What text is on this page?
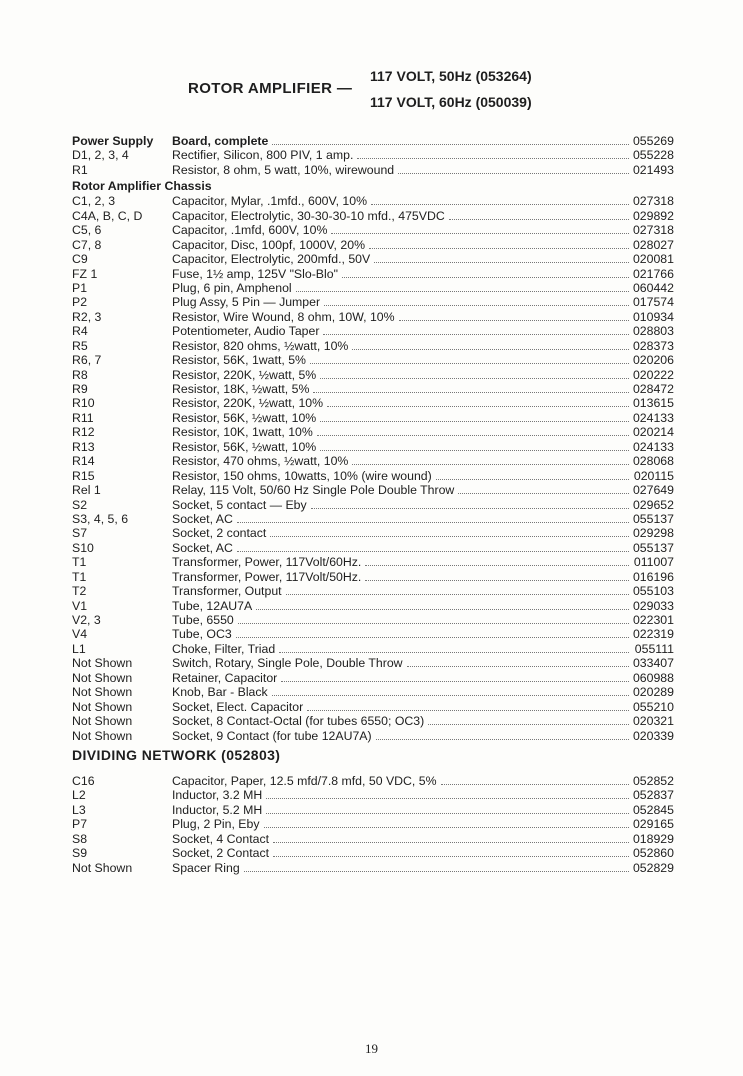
ROTOR AMPLIFIER —
117 VOLT, 50Hz (053264)
117 VOLT, 60Hz (050039)
Power Supply	Board, complete	055269
D1, 2, 3, 4	Rectifier, Silicon, 800 PIV, 1 amp.	055228
R1	Resistor, 8 ohm, 5 watt, 10%, wirewound	021493
Rotor Amplifier Chassis
C1, 2, 3	Capacitor, Mylar, .1mfd., 600V, 10%	027318
C4A, B, C, D	Capacitor, Electrolytic, 30-30-30-10 mfd., 475VDC	029892
C5, 6	Capacitor, .1mfd, 600V, 10%	027318
C7, 8	Capacitor, Disc, 100pf, 1000V, 20%	028027
C9	Capacitor, Electrolytic, 200mfd., 50V	020081
FZ 1	Fuse, 1½ amp, 125V "Slo-Blo"	021766
P1	Plug, 6 pin, Amphenol	060442
P2	Plug Assy, 5 Pin — Jumper	017574
R2, 3	Resistor, Wire Wound, 8 ohm, 10W, 10%	010934
R4	Potentiometer, Audio Taper	028803
R5	Resistor, 820 ohms, ½watt, 10%	028373
R6, 7	Resistor, 56K, 1watt, 5%	020206
R8	Resistor, 220K, ½watt, 5%	020222
R9	Resistor, 18K, ½watt, 5%	028472
R10	Resistor, 220K, ½watt, 10%	013615
R11	Resistor, 56K, ½watt, 10%	024133
R12	Resistor, 10K, 1watt, 10%	020214
R13	Resistor, 56K, ½watt, 10%	024133
R14	Resistor, 470 ohms, ½watt, 10%	028068
R15	Resistor, 150 ohms, 10watts, 10% (wire wound)	020115
Rel 1	Relay, 115 Volt, 50/60 Hz Single Pole Double Throw	027649
S2	Socket, 5 contact — Eby	029652
S3, 4, 5, 6	Socket, AC	055137
S7	Socket, 2 contact	029298
S10	Socket, AC	055137
T1	Transformer, Power, 117Volt/60Hz.	011007
T1	Transformer, Power, 117Volt/50Hz.	016196
T2	Transformer, Output	055103
V1	Tube, 12AU7A	029033
V2, 3	Tube, 6550	022301
V4	Tube, OC3	022319
L1	Choke, Filter, Triad	055111
Not Shown	Switch, Rotary, Single Pole, Double Throw	033407
Not Shown	Retainer, Capacitor	060988
Not Shown	Knob, Bar - Black	020289
Not Shown	Socket, Elect. Capacitor	055210
Not Shown	Socket, 8 Contact-Octal (for tubes 6550; OC3)	020321
Not Shown	Socket, 9 Contact (for tube 12AU7A)	020339
DIVIDING NETWORK (052803)
C16	Capacitor, Paper, 12.5 mfd/7.8 mfd, 50 VDC, 5%	052852
L2	Inductor, 3.2 MH	052837
L3	Inductor, 5.2 MH	052845
P7	Plug, 2 Pin, Eby	029165
S8	Socket, 4 Contact	018929
S9	Socket, 2 Contact	052860
Not Shown	Spacer Ring	052829
19
